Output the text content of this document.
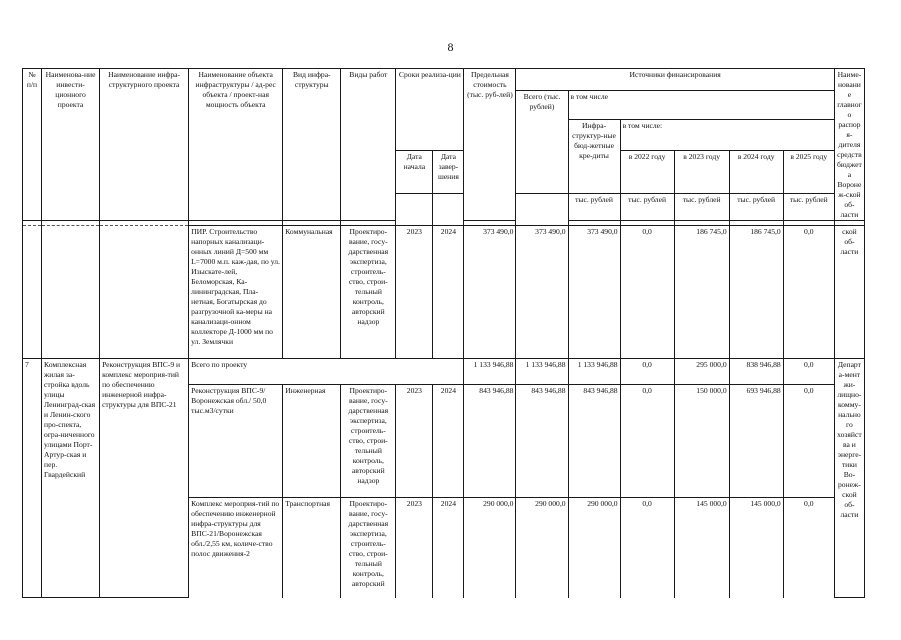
8
№ п/п	Наименова-ние инвести-ционного проекта	Наименование инфра-структурного проекта	Наименование объекта инфраструктуры / ад-рес объекта / проект-ная мощность объекта	Вид инфра-структуры	Виды работ	Сроки реализа-ции		Предельная стоимость (тыс. руб-лей)	Источники финансирования						Наиме-нование главного распоря-дителя средств бюджета Воронеж-ской об-ласти
									Всего (тыс. рублей)	в том числе					
										Инфра-структур-ные бюд-жетные кре-диты	в том числе:				
						Дата начала	Дата завер-шения				в 2022 году	в 2023 году	в 2024 году	в 2025 году	
										тыс. рублей	тыс. рублей	тыс. рублей	тыс. рублей	тыс. рублей	

			ПИР. Строительство напорных канализаци-онных линий Д=500 мм L=7000 м.п. каж-дая, по ул. Изыскате-лей, Беломорская, Ка-лининградская, Пла-нетная, Богатырская до разгрузочной ка-меры на канализаци-онном коллекторе Д-1000 мм по ул. Землячки	Коммунальная	Проектиро-вание, госу-дарственная экспертиза, строитель-ство, строи-тельный контроль, авторский надзор	2023	2024	373 490,0	373 490,0	373 490,0	0,0	186 745,0	186 745,0	0,0	ской об-ласти
7	Комплексная жилая за-стройка вдоль улицы Ленинград-ская и Ленин-ского про-спекта, огра-ниченного улицами Порт-Артур-ская и пер. Гвардейский	Реконструкция ВПС-9 и комплекс мероприя-тий по обеспечению инженерной инфра-структуры для ВПС-21	Всего по проекту					1 133 946,88	1 133 946,88	1 133 946,88	0,0	295 000,0	838 946,88	0,0	Департа-мент жи-лищно-комму-нального хозяйства и энерге-тики Во-ронеж-ской об-ласти
			Реконструкция ВПС-9/Воронежская обл./ 50,0 тыс.м3/сутки	Инженерная	Проектиро-вание, госу-дарственная экспертиза, строитель-ство, строи-тельный контроль, авторский надзор	2023	2024	843 946,88	843 946,88	843 946,88	0,0	150 000,0	693 946,88	0,0	
			Комплекс мероприя-тий по обеспечению инженерной инфра-структуры для ВПС-21/Воронежская обл./2,55 км, количе-ство полос движения-2	Транспортная	Проектиро-вание, госу-дарственная экспертиза, строитель-ство, строи-тельный контроль, авторский	2023	2024	290 000,0	290 000,0	290 000,0	0,0	145 000,0	145 000,0	0,0	
